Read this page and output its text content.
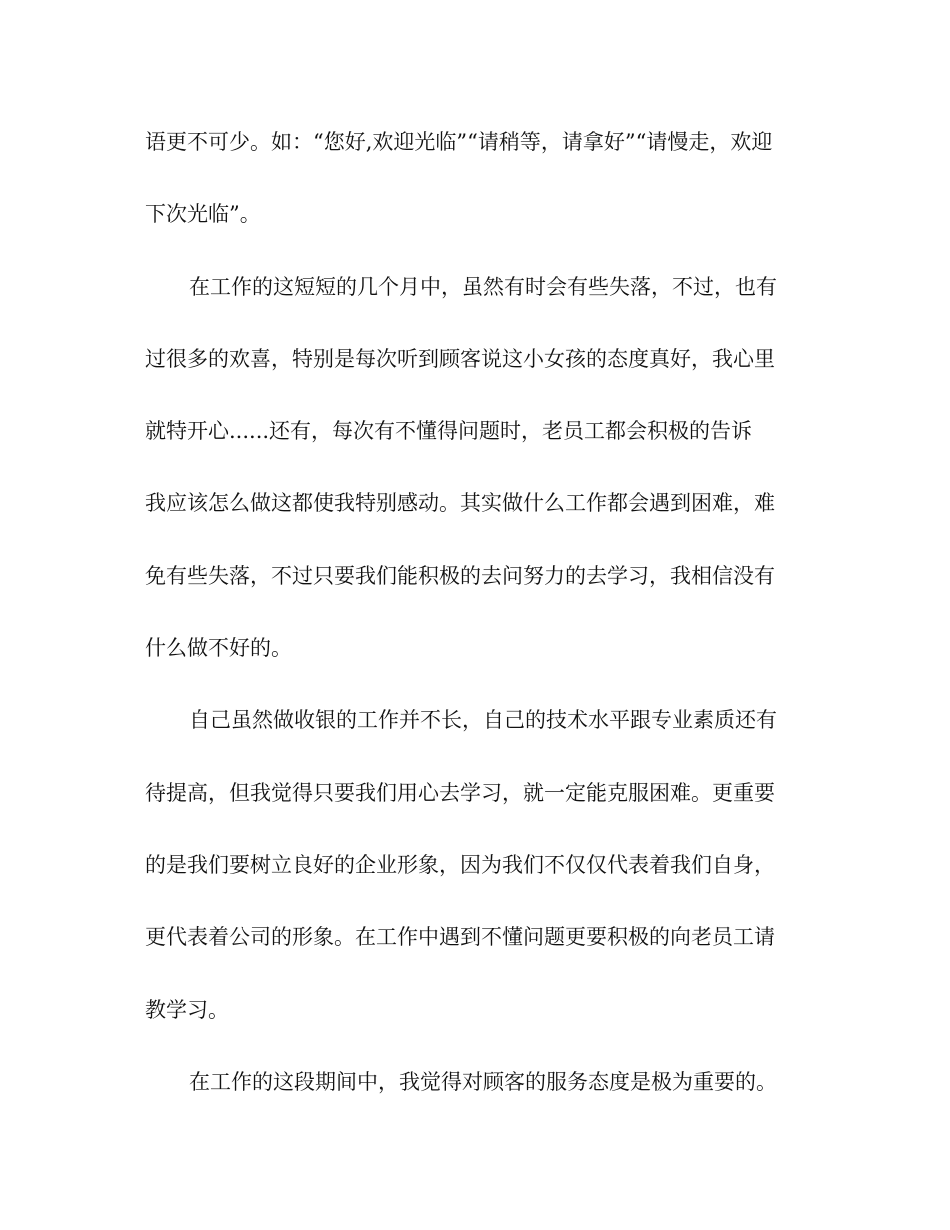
语更不可少。如：“您好,欢迎光临”“请稍等，请拿好”“请慢走，欢迎
下次光临”。
在工作的这短短的几个月中，虽然有时会有些失落，不过，也有
过很多的欢喜，特别是每次听到顾客说这小女孩的态度真好，我心里
就特开心......还有，每次有不懂得问题时，老员工都会积极的告诉
我应该怎么做这都使我特别感动。其实做什么工作都会遇到困难，难
免有些失落，不过只要我们能积极的去问努力的去学习，我相信没有
什么做不好的。
自己虽然做收银的工作并不长，自己的技术水平跟专业素质还有
待提高，但我觉得只要我们用心去学习，就一定能克服困难。更重要
的是我们要树立良好的企业形象，因为我们不仅仅代表着我们自身，
更代表着公司的形象。在工作中遇到不懂问题更要积极的向老员工请
教学习。
在工作的这段期间中，我觉得对顾客的服务态度是极为重要的。
